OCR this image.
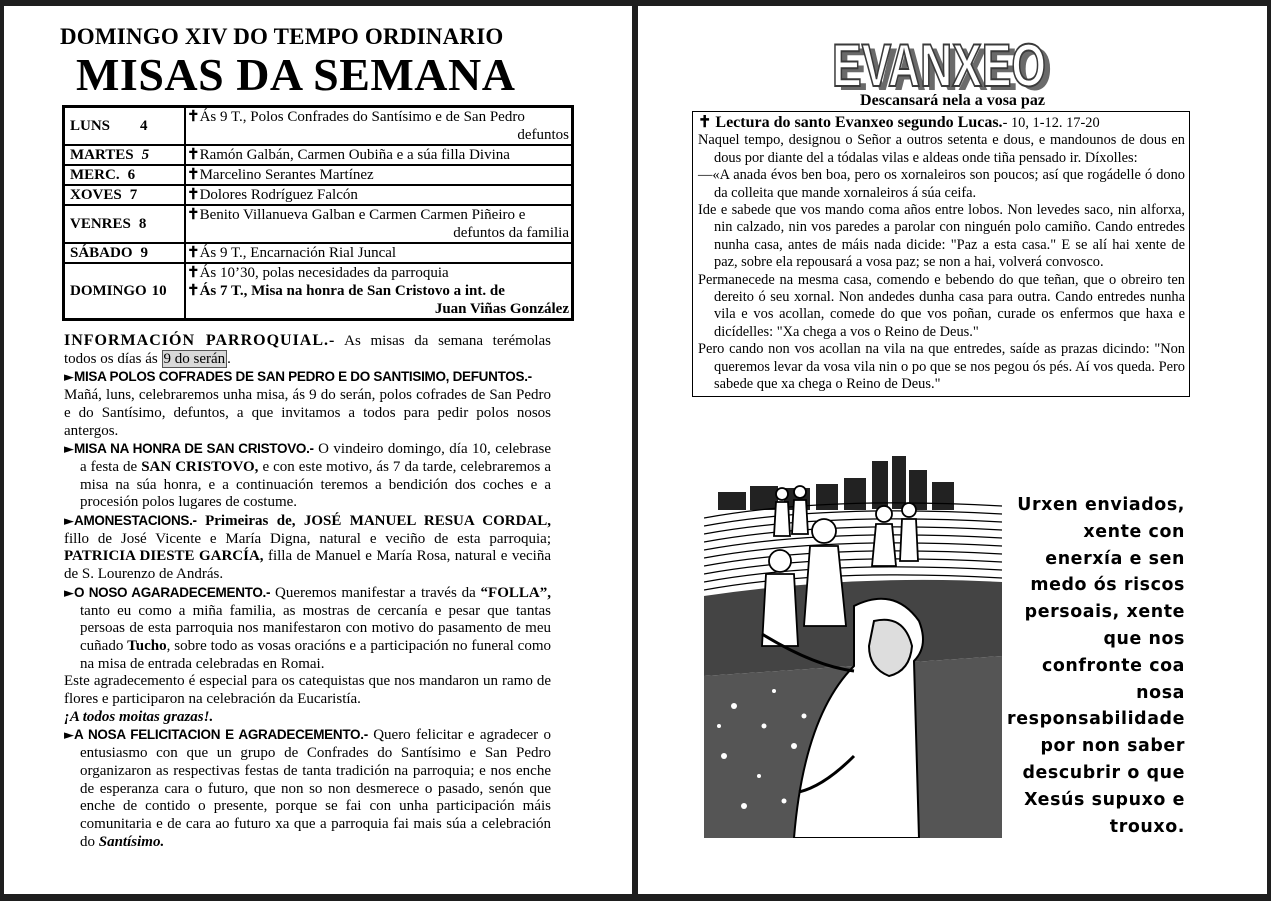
DOMINGO XIV DO TEMPO ORDINARIO
MISAS DA SEMANA
LUNS 4	✝Ás 9 T., Polos Confrades do Santísimo e de San Pedro
defuntos

MARTES 5	✝Ramón Galbán, Carmen Oubiña e a súa filla Divina

MERC. 6	✝Marcelino Serantes Martínez

XOVES 7	✝Dolores Rodríguez Falcón

VENRES 8	✝Benito Villanueva Galban e Carmen Carmen Piñeiro e
defuntos da familia

SÁBADO 9	✝Ás 9 T., Encarnación Rial Juncal

DOMINGO 10	✝Ás 10’30, polas necesidades da parroquia
✝Ás 7 T., Misa na honra de San Cristovo a int. de
Juan Viñas González

INFORMACIÓN PARROQUIAL.- As misas da semana terémolas todos os días ás 9 do serán .

►MISA POLOS COFRADES DE SAN PEDRO E DO SANTISIMO, DEFUNTOS.-

Mañá, luns, celebraremos unha misa, ás 9 do serán, polos cofrades de San Pedro e do Santísimo, defuntos, a que invitamos a todos para pedir polos nosos antergos.

►MISA NA HONRA DE SAN CRISTOVO.- O vindeiro domingo, día 10, celebrase a festa de SAN CRISTOVO, e con este motivo, ás 7 da tarde, celebraremos a misa na súa honra, e a continuación teremos a bendición dos coches e a procesión polos lugares de costume.

►AMONESTACIONS.- Primeiras de, JOSÉ MANUEL RESUA CORDAL, fillo de José Vicente e María Digna, natural e veciño de esta parroquia; PATRICIA DIESTE GARCÍA, filla de Manuel e María Rosa, natural e veciña de S. Lourenzo de András.

►O NOSO AGARADECEMENTO.- Queremos manifestar a través da “FOLLA”, tanto eu como a miña familia, as mostras de cercanía e pesar que tantas persoas de esta parroquia nos manifestaron con motivo do pasamento de meu cuñado Tucho, sobre todo as vosas oracións e a participación no funeral como na misa de entrada celebradas en Romai.

Este agradecemento é especial para os catequistas que nos mandaron un ramo de flores e participaron na celebración da Eucaristía.

¡A todos moitas grazas!.

►A NOSA FELICITACION E AGRADECEMENTO.- Quero felicitar e agradecer o entusiasmo con que un grupo de Confrades do Santísimo e San Pedro organizaron as respectivas festas de tanta tradición na parroquia; e nos enche de esperanza cara o futuro, que non so non desmerece o pasado, senón que enche de contido o presente, porque se fai con unha participación máis comunitaria e de cara ao futuro xa que a parroquia fai mais súa a celebración do Santísimo.

EVANXEO
EVANXEO
Descansará nela a vosa paz

✝ Lectura do santo Evanxeo segundo Lucas.- 10, 1-12. 17-20

Naquel tempo, designou o Señor a outros setenta e dous, e mandounos de dous en dous por diante del a tódalas vilas e aldeas onde tiña pensado ir. Díxolles:

—«A anada évos ben boa, pero os xornaleiros son poucos; así que rogádelle ó dono da colleita que mande xornaleiros á súa ceifa.

Ide e sabede que vos mando coma años entre lobos. Non levedes saco, nin alforxa, nin calzado, nin vos paredes a parolar con ninguén polo camiño. Cando entredes nunha casa, antes de máis nada dicide: "Paz a esta casa." E se alí hai xente de paz, sobre ela repousará a vosa paz; se non a hai, volverá convosco.

Permanecede na mesma casa, comendo e bebendo do que teñan, que o obreiro ten dereito ó seu xornal. Non andedes dunha casa para outra. Cando entredes nunha vila e vos acollan, comede do que vos poñan, curade os enfermos que haxa e dicídelles: "Xa chega a vos o Reino de Deus."

Pero cando non vos acollan na vila na que entredes, saíde as prazas dicindo: "Non queremos levar da vosa vila nin o po que se nos pegou ós pés. Aí vos queda. Pero sabede que xa chega o Reino de Deus."

Urxen enviados,
xente con
enerxía e sen
medo ós riscos
persoais, xente
que nos
confronte coa
nosa
responsabilidade
por non saber
descubrir o que
Xesús supuxo e
trouxo.
